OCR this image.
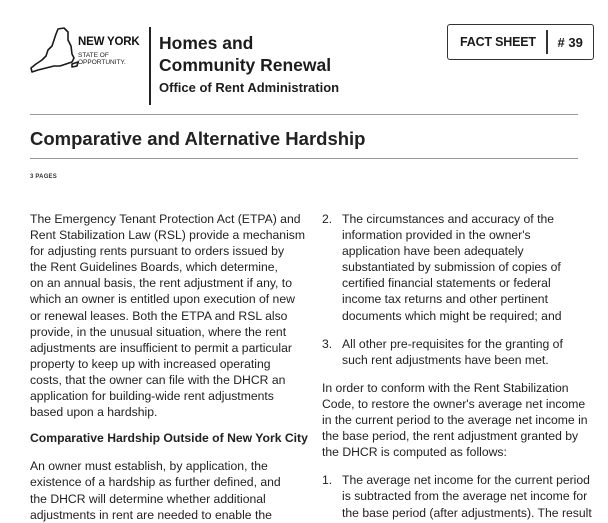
NEW YORK
STATE OF
OPPORTUNITY.
Homes and
Community Renewal
Office of Rent Administration
FACT SHEET	# 39
Comparative and Alternative Hardship
3 PAGES

The Emergency Tenant Protection Act (ETPA) and

Rent Stabilization Law (RSL) provide a mechanism

for adjusting rents pursuant to orders issued by

the Rent Guidelines Boards, which determine,

on an annual basis, the rent adjustment if any, to

which an owner is entitled upon execution of new

or renewal leases. Both the ETPA and RSL also

provide, in the unusual situation, where the rent

adjustments are insufficient to permit a particular

property to keep up with increased operating

costs, that the owner can file with the DHCR an

application for building-wide rent adjustments

based upon a hardship.

Comparative Hardship Outside of New York City

An owner must establish, by application, the

existence of a hardship as further defined, and

the DHCR will determine whether additional

adjustments in rent are needed to enable the

2. The circumstances and accuracy of the

information provided in the owner's

application have been adequately

substantiated by submission of copies of

certified financial statements or federal

income tax returns and other pertinent

documents which might be required; and

3. All other pre-requisites for the granting of

such rent adjustments have been met.

In order to conform with the Rent Stabilization

Code, to restore the owner's average net income

in the current period to the average net income in

the base period, the rent adjustment granted by

the DHCR is computed as follows:

1. The average net income for the current period

is subtracted from the average net income for

the base period (after adjustments). The result
